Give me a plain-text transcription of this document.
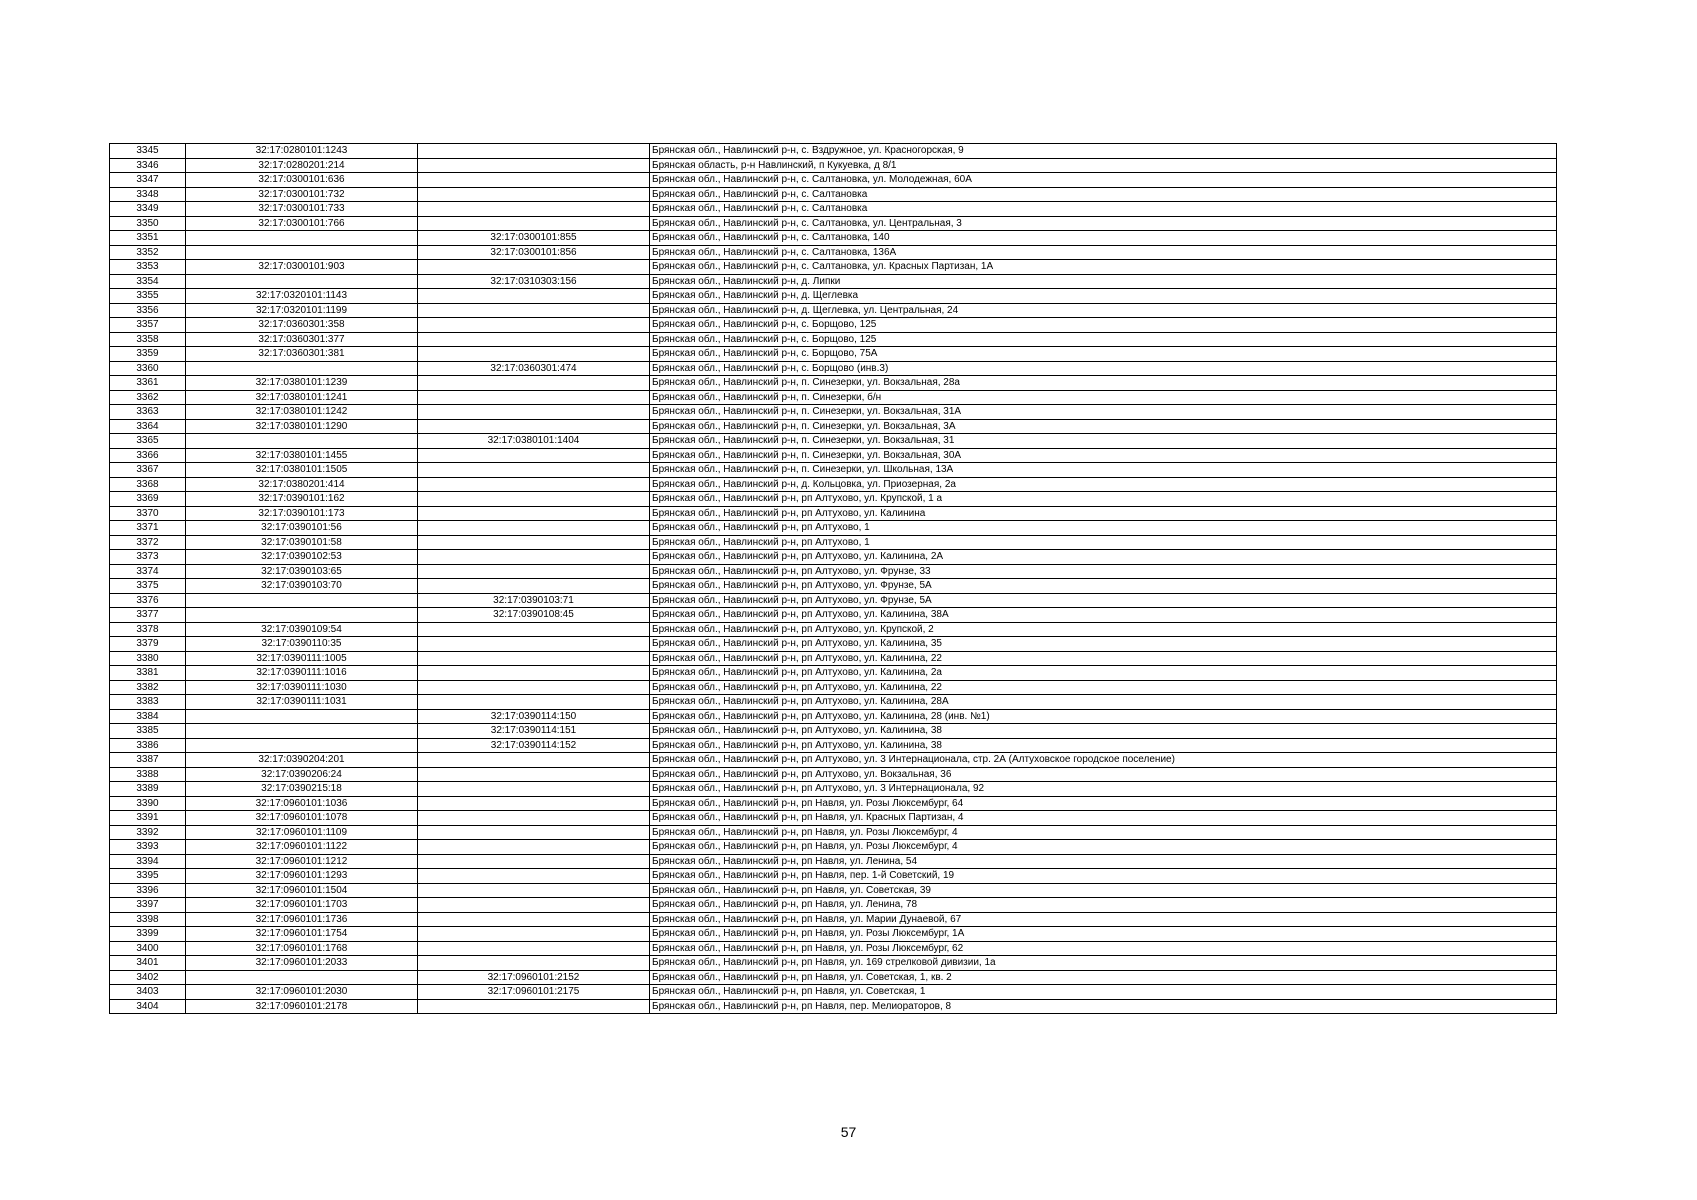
3345	32:17:0280101:1243		Брянская обл., Навлинский р-н, с. Вздружное, ул. Красногорская, 9
3346	32:17:0280201:214		Брянская область, р-н Навлинский, п Кукуевка, д 8/1
3347	32:17:0300101:636		Брянская обл., Навлинский р-н, с. Салтановка, ул. Молодежная, 60А
3348	32:17:0300101:732		Брянская обл., Навлинский р-н, с. Салтановка
3349	32:17:0300101:733		Брянская обл., Навлинский р-н, с. Салтановка
3350	32:17:0300101:766		Брянская обл., Навлинский р-н, с. Салтановка, ул. Центральная, 3
3351		32:17:0300101:855	Брянская обл., Навлинский р-н, с. Салтановка, 140
3352		32:17:0300101:856	Брянская обл., Навлинский р-н, с. Салтановка, 136А
3353	32:17:0300101:903		Брянская обл., Навлинский р-н, с. Салтановка, ул. Красных Партизан, 1А
3354		32:17:0310303:156	Брянская обл., Навлинский р-н, д. Липки
3355	32:17:0320101:1143		Брянская обл., Навлинский р-н, д. Щеглевка
3356	32:17:0320101:1199		Брянская обл., Навлинский р-н, д. Щеглевка, ул. Центральная, 24
3357	32:17:0360301:358		Брянская обл., Навлинский р-н, с. Борщово, 125
3358	32:17:0360301:377		Брянская обл., Навлинский р-н, с. Борщово, 125
3359	32:17:0360301:381		Брянская обл., Навлинский р-н, с. Борщово, 75А
3360		32:17:0360301:474	Брянская обл., Навлинский р-н, с. Борщово (инв.3)
3361	32:17:0380101:1239		Брянская обл., Навлинский р-н, п. Синезерки, ул. Вокзальная, 28а
3362	32:17:0380101:1241		Брянская обл., Навлинский р-н, п. Синезерки, б/н
3363	32:17:0380101:1242		Брянская обл., Навлинский р-н, п. Синезерки, ул. Вокзальная, 31А
3364	32:17:0380101:1290		Брянская обл., Навлинский р-н, п. Синезерки, ул. Вокзальная, 3А
3365		32:17:0380101:1404	Брянская обл., Навлинский р-н, п. Синезерки, ул. Вокзальная, 31
3366	32:17:0380101:1455		Брянская обл., Навлинский р-н, п. Синезерки, ул. Вокзальная, 30А
3367	32:17:0380101:1505		Брянская обл., Навлинский р-н, п. Синезерки, ул. Школьная, 13А
3368	32:17:0380201:414		Брянская обл., Навлинский р-н, д. Кольцовка, ул. Приозерная, 2а
3369	32:17:0390101:162		Брянская обл., Навлинский р-н, рп Алтухово, ул. Крупской, 1 а
3370	32:17:0390101:173		Брянская обл., Навлинский р-н, рп Алтухово, ул. Калинина
3371	32:17:0390101:56		Брянская обл., Навлинский р-н, рп Алтухово, 1
3372	32:17:0390101:58		Брянская обл., Навлинский р-н, рп Алтухово, 1
3373	32:17:0390102:53		Брянская обл., Навлинский р-н, рп Алтухово, ул. Калинина, 2А
3374	32:17:0390103:65		Брянская обл., Навлинский р-н, рп Алтухово, ул. Фрунзе, 33
3375	32:17:0390103:70		Брянская обл., Навлинский р-н, рп Алтухово, ул. Фрунзе, 5А
3376		32:17:0390103:71	Брянская обл., Навлинский р-н, рп Алтухово, ул. Фрунзе, 5А
3377		32:17:0390108:45	Брянская обл., Навлинский р-н, рп Алтухово, ул. Калинина, 38А
3378	32:17:0390109:54		Брянская обл., Навлинский р-н, рп Алтухово, ул. Крупской, 2
3379	32:17:0390110:35		Брянская обл., Навлинский р-н, рп Алтухово, ул. Калинина, 35
3380	32:17:0390111:1005		Брянская обл., Навлинский р-н, рп Алтухово, ул. Калинина, 22
3381	32:17:0390111:1016		Брянская обл., Навлинский р-н, рп Алтухово, ул. Калинина, 2а
3382	32:17:0390111:1030		Брянская обл., Навлинский р-н, рп Алтухово, ул. Калинина, 22
3383	32:17:0390111:1031		Брянская обл., Навлинский р-н, рп Алтухово, ул. Калинина, 28А
3384		32:17:0390114:150	Брянская обл., Навлинский р-н, рп Алтухово, ул. Калинина, 28 (инв. №1)
3385		32:17:0390114:151	Брянская обл., Навлинский р-н, рп Алтухово, ул. Калинина, 38
3386		32:17:0390114:152	Брянская обл., Навлинский р-н, рп Алтухово, ул. Калинина, 38
3387	32:17:0390204:201		Брянская обл., Навлинский р-н, рп Алтухово, ул. 3 Интернационала, стр. 2А (Алтуховское городское поселение)
3388	32:17:0390206:24		Брянская обл., Навлинский р-н, рп Алтухово, ул. Вокзальная, 36
3389	32:17:0390215:18		Брянская обл., Навлинский р-н, рп Алтухово, ул. 3 Интернационала, 92
3390	32:17:0960101:1036		Брянская обл., Навлинский р-н, рп Навля, ул. Розы Люксембург, 64
3391	32:17:0960101:1078		Брянская обл., Навлинский р-н, рп Навля, ул. Красных Партизан, 4
3392	32:17:0960101:1109		Брянская обл., Навлинский р-н, рп Навля, ул. Розы Люксембург, 4
3393	32:17:0960101:1122		Брянская обл., Навлинский р-н, рп Навля, ул. Розы Люксембург, 4
3394	32:17:0960101:1212		Брянская обл., Навлинский р-н, рп Навля, ул. Ленина, 54
3395	32:17:0960101:1293		Брянская обл., Навлинский р-н, рп Навля, пер. 1-й Советский, 19
3396	32:17:0960101:1504		Брянская обл., Навлинский р-н, рп Навля, ул. Советская, 39
3397	32:17:0960101:1703		Брянская обл., Навлинский р-н, рп Навля, ул. Ленина, 78
3398	32:17:0960101:1736		Брянская обл., Навлинский р-н, рп Навля, ул. Марии Дунаевой, 67
3399	32:17:0960101:1754		Брянская обл., Навлинский р-н, рп Навля, ул. Розы Люксембург, 1А
3400	32:17:0960101:1768		Брянская обл., Навлинский р-н, рп Навля, ул. Розы Люксембург, 62
3401	32:17:0960101:2033		Брянская обл., Навлинский р-н, рп Навля, ул. 169 стрелковой дивизии, 1а
3402		32:17:0960101:2152	Брянская обл., Навлинский р-н, рп Навля, ул. Советская, 1, кв. 2
3403	32:17:0960101:2030	32:17:0960101:2175	Брянская обл., Навлинский р-н, рп Навля, ул. Советская, 1
3404	32:17:0960101:2178		Брянская обл., Навлинский р-н, рп Навля, пер. Мелиораторов, 8
57
